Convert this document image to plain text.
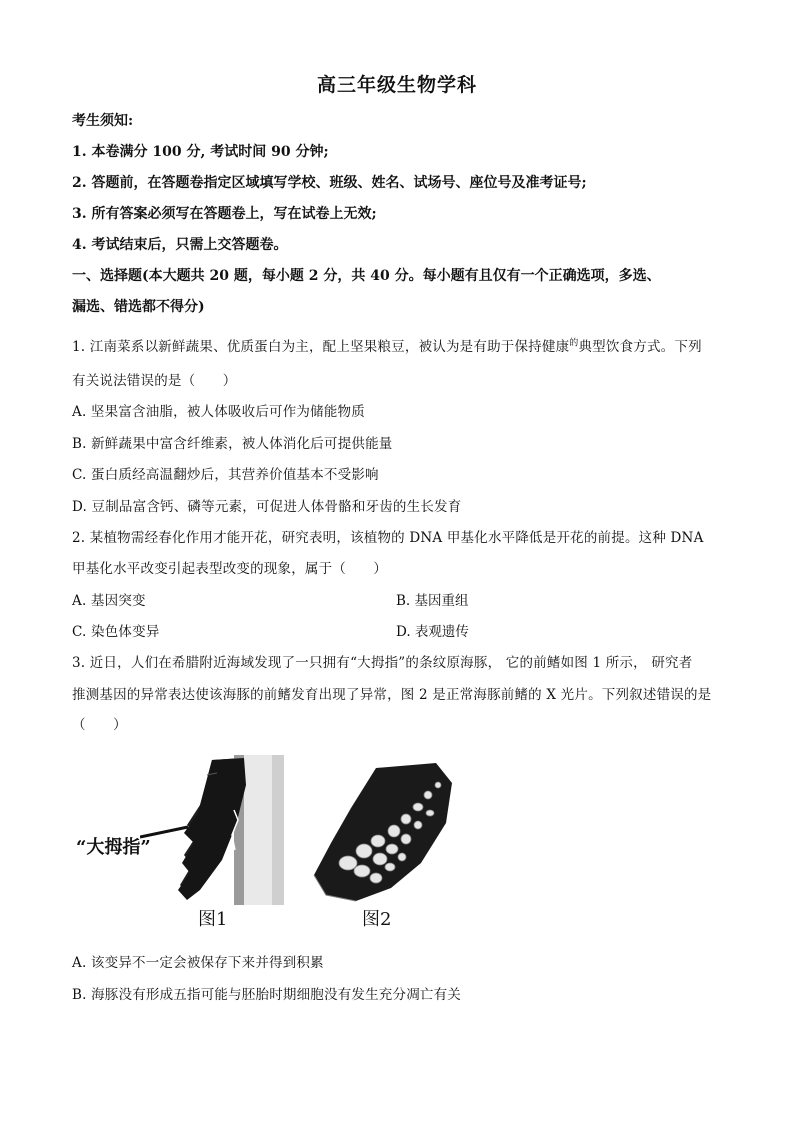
高三年级生物学科
考生须知:
1. 本卷满分 100 分, 考试时间 90 分钟;
2. 答题前，在答题卷指定区域填写学校、班级、姓名、试场号、座位号及准考证号;
3. 所有答案必须写在答题卷上，写在试卷上无效;
4. 考试结束后，只需上交答题卷。
一、选择题(本大题共 20 题，每小题 2 分，共 40 分。每小题有且仅有一个正确选项，多选、
漏选、错选都不得分)
1. 江南菜系以新鲜蔬果、优质蛋白为主，配上坚果粮豆，被认为是有助于保持健康$^的$典型饮食方式。下列
有关说法错误的是（　　）
A. 坚果富含油脂，被人体吸收后可作为储能物质
B. 新鲜蔬果中富含纤维素，被人体消化后可提供能量
C. 蛋白质经高温翻炒后，其营养价值基本不受影响
D. 豆制品富含钙、磷等元素，可促进人体骨骼和牙齿的生长发育
2. 某植物需经春化作用才能开花，研究表明，该植物的 DNA 甲基化水平降低是开花的前提。这种 DNA
甲基化水平改变引起表型改变的现象，属于（　　）
A. 基因突变	B. 基因重组
C. 染色体变异	D. 表观遗传
3. 近日，人们在希腊附近海域发现了一只拥有“大拇指”的条纹原海豚， 它的前鳍如图 1 所示， 研究者
推测基因的异常表达使该海豚的前鳍发育出现了异常，图 2 是正常海豚前鳍的 X 光片。下列叙述错误的是
（　　）
“大拇指”
图1	图2
A. 该变异不一定会被保存下来并得到积累
B. 海豚没有形成五指可能与胚胎时期细胞没有发生充分凋亡有关
